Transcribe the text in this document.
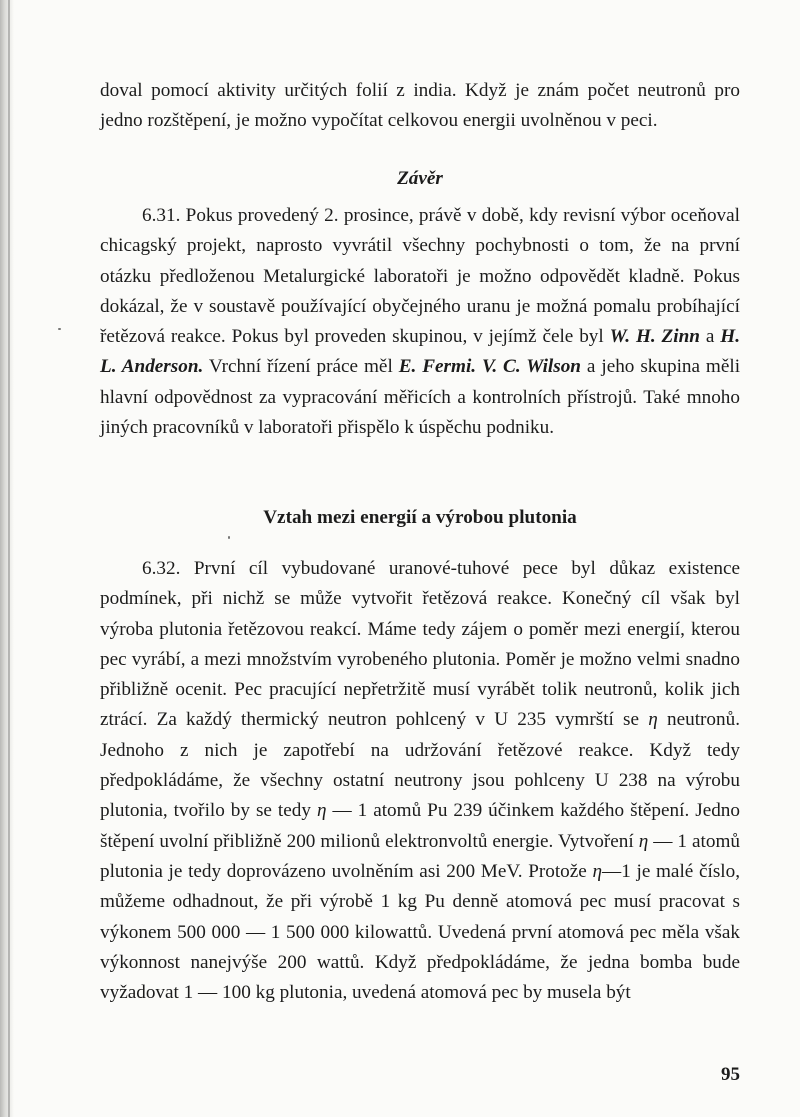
doval pomocí aktivity určitých folií z india. Když je znám počet neutronů pro jedno rozštěpení, je možno vypočítat celkovou energii uvolněnou v peci.

Závěr

6.31. Pokus provedený 2. prosince, právě v době, kdy revisní výbor oceňoval chicagský projekt, naprosto vyvrátil všechny pochybnosti o tom, že na první otázku předloženou Metalurgické laboratoři je možno odpovědět kladně. Pokus dokázal, že v soustavě používající obyčejného uranu je možná pomalu probíhající řetězová reakce. Pokus byl proveden skupinou, v jejímž čele byl W. H. Zinn a H. L. Anderson. Vrchní řízení práce měl E. Fermi. V. C. Wilson a jeho skupina měli hlavní odpovědnost za vypracování měřicích a kontrolních přístrojů. Také mnoho jiných pracovníků v laboratoři přispělo k úspěchu podniku.

Vztah mezi energií a výrobou plutonia

6.32. První cíl vybudované uranové-tuhové pece byl důkaz existence podmínek, při nichž se může vytvořit řetězová reakce. Konečný cíl však byl výroba plutonia řetězovou reakcí. Máme tedy zájem o poměr mezi energií, kterou pec vyrábí, a mezi množstvím vyrobeného plutonia. Poměr je možno velmi snadno přibližně ocenit. Pec pracující nepřetržitě musí vyrábět tolik neutronů, kolik jich ztrácí. Za každý thermický neutron pohlcený v U 235 vymrští se η neutronů. Jednoho z nich je zapotřebí na udržování řetězové reakce. Když tedy předpokládáme, že všechny ostatní neutrony jsou pohlceny U 238 na výrobu plutonia, tvořilo by se tedy η — 1 atomů Pu 239 účinkem každého štěpení. Jedno štěpení uvolní přibližně 200 milionů elektronvoltů energie. Vytvoření η — 1 atomů plutonia je tedy doprovázeno uvolněním asi 200 MeV. Protože η—1 je malé číslo, můžeme odhadnout, že při výrobě 1 kg Pu denně atomová pec musí pracovat s výkonem 500 000 — 1 500 000 kilowattů. Uvedená první atomová pec měla však výkonnost nanejvýše 200 wattů. Když předpokládáme, že jedna bomba bude vyžadovat 1 — 100 kg plutonia, uvedená atomová pec by musela být

95
